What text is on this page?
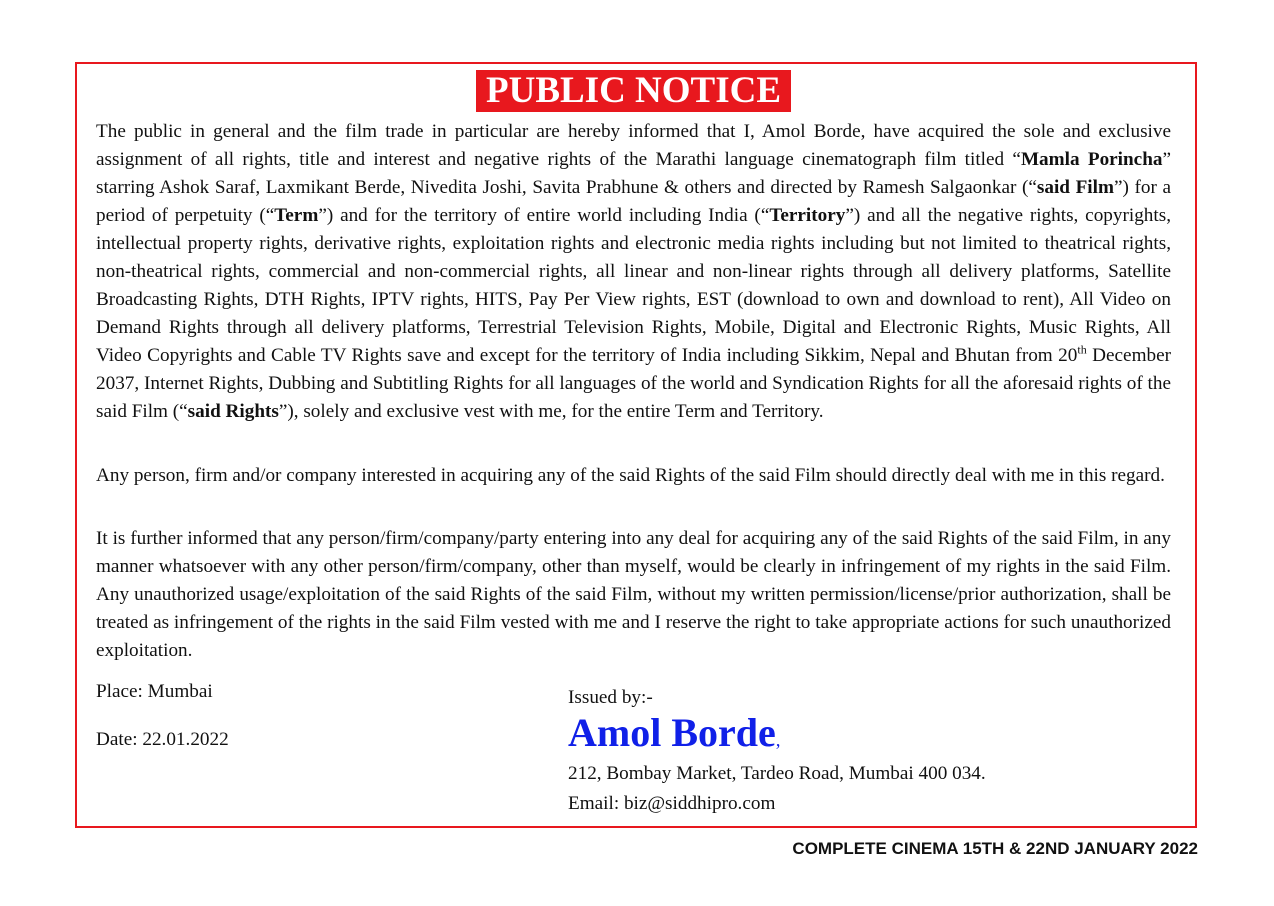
PUBLIC NOTICE

The public in general and the film trade in particular are hereby informed that I, Amol Borde, have acquired the sole and exclusive assignment of all rights, title and interest and negative rights of the Marathi language cinematograph film titled “Mamla Porincha” starring Ashok Saraf, Laxmikant Berde, Nivedita Joshi, Savita Prabhune & others and directed by Ramesh Salgaonkar (“said Film”) for a period of perpetuity (“Term”) and for the territory of entire world including India (“Territory”) and all the negative rights, copyrights, intellectual property rights, derivative rights, exploitation rights and electronic media rights including but not limited to theatrical rights, non-theatrical rights, commercial and non-commercial rights, all linear and non-linear rights through all delivery platforms, Satellite Broadcasting Rights, DTH Rights, IPTV rights, HITS, Pay Per View rights, EST (download to own and download to rent), All Video on Demand Rights through all delivery platforms, Terrestrial Television Rights, Mobile, Digital and Electronic Rights, Music Rights, All Video Copyrights and Cable TV Rights save and except for the territory of India including Sikkim, Nepal and Bhutan from 20th December 2037, Internet Rights, Dubbing and Subtitling Rights for all languages of the world and Syndication Rights for all the aforesaid rights of the said Film (“said Rights”), solely and exclusive vest with me, for the entire Term and Territory.

Any person, firm and/or company interested in acquiring any of the said Rights of the said Film should directly deal with me in this regard.

It is further informed that any person/firm/company/party entering into any deal for acquiring any of the said Rights of the said Film, in any manner whatsoever with any other person/firm/company, other than myself, would be clearly in infringement of my rights in the said Film. Any unauthorized usage/exploitation of the said Rights of the said Film, without my written permission/license/prior authorization, shall be treated as infringement of the rights in the said Film vested with me and I reserve the right to take appropriate actions for such unauthorized exploitation.

Place: Mumbai
Date: 22.01.2022
Issued by:-
Amol Borde,
212, Bombay Market, Tardeo Road, Mumbai 400 034.
Email: biz@siddhipro.com
COMPLETE CINEMA 15TH & 22ND JANUARY 2022
